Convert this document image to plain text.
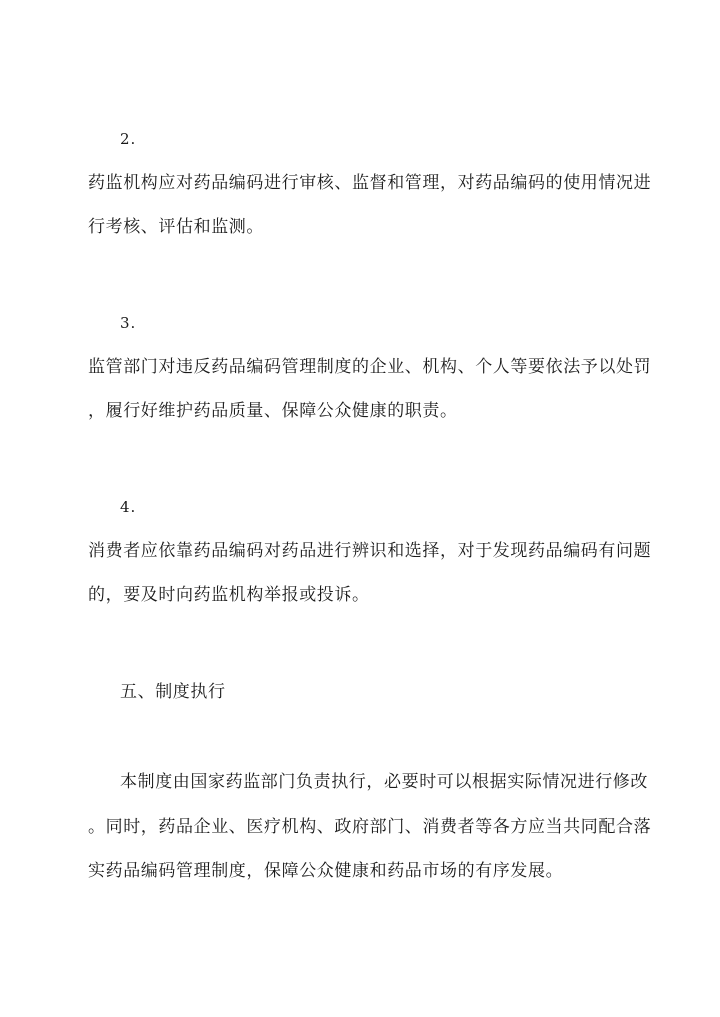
2.
药监机构应对药品编码进行审核、监督和管理，对药品编码的使用情况进
行考核、评估和监测。
3.
监管部门对违反药品编码管理制度的企业、机构、个人等要依法予以处罚
，履行好维护药品质量、保障公众健康的职责。
4.
消费者应依靠药品编码对药品进行辨识和选择，对于发现药品编码有问题
的，要及时向药监机构举报或投诉。
五、制度执行
本制度由国家药监部门负责执行，必要时可以根据实际情况进行修改
。同时，药品企业、医疗机构、政府部门、消费者等各方应当共同配合落
实药品编码管理制度，保障公众健康和药品市场的有序发展。
